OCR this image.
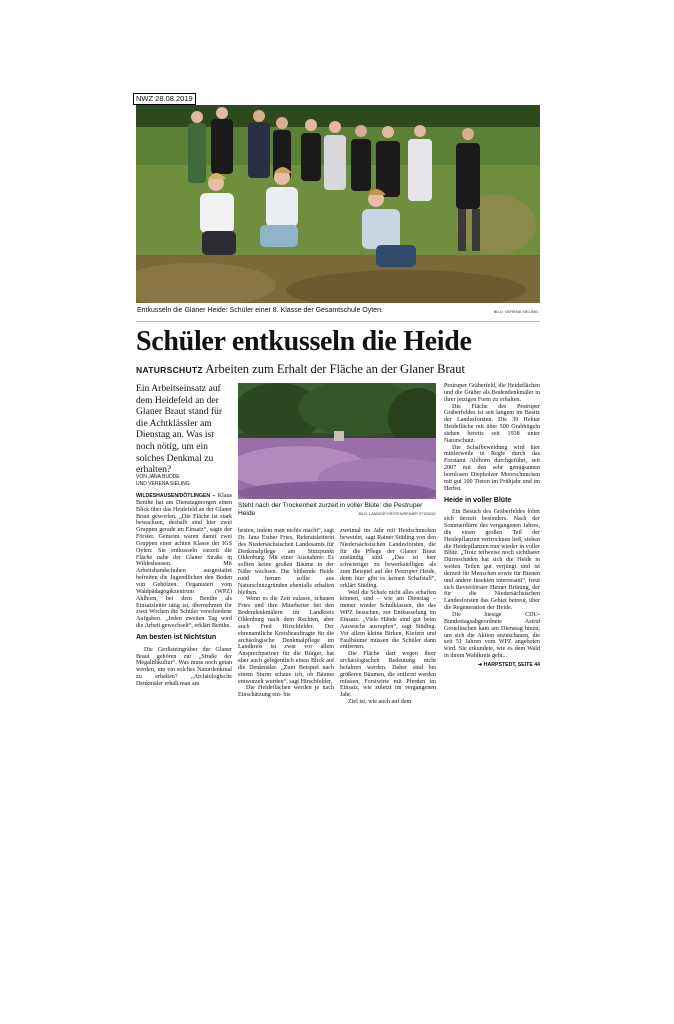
NWZ 28.08.2019
Entkusseln die Glaner Heide: Schüler einer 8. Klasse der Gesamtschule Oyten.	BILD: VERENA SIELING
Schüler entkusseln die Heide
NATURSCHUTZ Arbeiten zum Erhalt der Fläche an der Glaner Braut
Ein Arbeitseinsatz auf dem Heidefeld an der Glaner Braut stand für die Achtklässler am Dienstag an. Was ist noch nötig, um ein solches Denkmal zu erhalten?
VON JANA BUDDE
UND VERENA SIELING
Steht nach der Trockenheit zurzeit in voller Blüte: die Pestruper Heide	BILD: LANDESFORSTEN/REINER STÜDING

WILDESHAUSEN/DÖTLINGEN – Klaus Benthe hat am Dienstagmorgen einen Blick über das Heidefeld an der Glaner Braut geworfen. „Die Fläche ist stark bewachsen, deshalb sind hier zwei Gruppen gerade im Einsatz“, sagte der Förster. Gemeint waren damit zwei Gruppen einer achten Klasse der IGS Oyten: Sie entkusseln zurzeit die Fläche nahe der Glaner Straße in Wildeshausen. Mit Arbeitshandschuhen ausgestattet befreiten die Jugendlichen den Boden von Gehölzen. Organisiert vom Waldpädagogikzentrum (WPZ) Ahlhorn, bei dem Benthe als Einsatzleiter tätig ist, übernehmen für zwei Wochen die Schüler verschiedene Aufgaben. „Jeden zweiten Tag wird die Arbeit gewechselt“, erklärt Benthe.

Am besten ist Nichtstun

Die Großsteingräber der Glaner Braut gehören zur „Straße der Megalithkultur“. Was muss noch getan werden, um ein solches Naturdenkmal zu erhalten? „Archäologische Denkmäler erhält man am

besten, indem man nichts macht“, sagt Dr. Jana Esther Fries, Referatsleiterin des Niedersächsischen Landesamts für Denkmalpflege am Stützpunkt Oldenburg. Mit einer Ausnahme: Es sollten keine großen Bäume in der Nähe wachsen. Die blühende Heide rund herum sollte aus Naturschutzgründen ebenfalls erhalten bleiben.

Wenn es die Zeit zulasse, schauen Fries und ihre Mitarbeiter bei den Bodendenkmälern im Landkreis Oldenburg nach dem Rechten, aber auch Fred Hirschfelder. Der ehrenamtliche Kreisbeauftragte für die archäologische Denkmalpflege im Landkreis ist zwar vor allem Ansprechpartner für die Bürger, hat aber auch gelegentlich einen Blick auf die Denkmäler. „Zum Beispiel nach einem Sturm schaue ich, ob Bäume entwurzelt wurden“, sagt Hirschfelder.

Die Heideflächen werden je nach Einschätzung ein- bis

zweimal im Jahr mit Heidschnucken beweidet, sagt Rainer Stüding von den Niedersächsischen Landesforsten, die für die Pflege der Glaner Braut zuständig sind. „Das ist hier schwieriger zu bewerkstelligen als zum Beispiel auf der Pestruper Heide, denn hier gibt es keinen Schafstall“, erklärt Stüding.

Weil die Schafe nicht alles schaffen können, sind – wie am Dienstag – immer wieder Schulklassen, die das WPZ besuchen, zur Entkusselung im Einsatz. „Viele Hände sind gut beim Auswuchs ausrupfen“, sagt Stüding. Vor allem kleine Birken, Kiefern und Faulbäume müssen die Schüler dann entfernen.

Die Fläche darf wegen ihrer archäologischen Bedeutung nicht befahren werden. Daher sind bei größeren Bäumen, die entfernt werden müssen, Forstwirte mit Pferden im Einsatz, wie zuletzt im vergangenen Jahr.

Ziel ist, wie auch auf dem

Pestruper Gräberfeld, die Heideflächen und die Gräber als Bodendenkmäler in ihrer jetzigen Form zu erhalten.

Die Fläche des Pestruper Gräberfeldes ist seit langem im Besitz der Landesforsten. Die 39 Hektar Heidefläche mit über 500 Grabhügeln stehen bereits seit 1938 unter Naturschutz.

Die Schafbeweidung wird hier mittlerweile in Regie durch das Forstamt Ahlhorn durchgeführt, seit 2007 mit den sehr genügsamen hornlosen Diepholzer Moorschnucken mit gut 100 Tieren im Frühjahr und im Herbst.

Heide in voller Blüte

Ein Besuch des Gräberfeldes lohnt sich derzeit besonders. Nach der Sommerdürre des vergangenen Jahres, die einen großen Teil der Heidepflanzen vertrocknen ließ, stehen die Heidepflanzen nun wieder in voller Blüte. „Trotz teilweise noch sichtbarer Dürreschäden hat sich die Heide in weiten Teilen gut verjüngt und ist derzeit für Menschen sowie für Bienen und andere Insekten interessant“, freut sich Revierförster Heiner Brüning, der für die Niedersächsischen Landesforsten das Gebiet betreut, über die Regeneration der Heide.

Die hiesige CDU-Bundestagsabgeordnete Astrid Grotelüschen kam am Dienstag hinzu, um sich die Aktion anzuschauen, die seit 51 Jahren vom WPZ angeboten wird. Sie erkundete, wie es dem Wald in ihrem Wahlkreis geht...

➔ HARPSTEDT, SEITE 44
